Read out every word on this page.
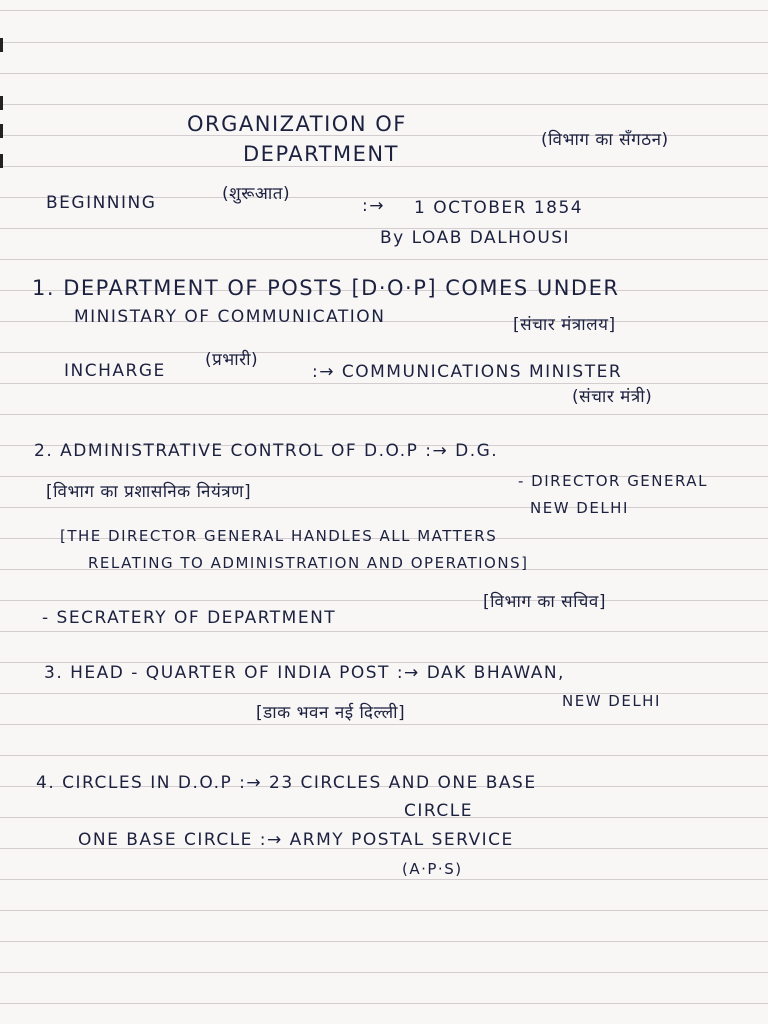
ORGANIZATION OF
DEPARTMENT
(विभाग का सँगठन)
BEGINNING	(शुरूआत)
:→ 1 OCTOBER 1854
By LOAB DALHOUSI
1. DEPARTMENT OF POSTS [D·O·P] COMES UNDER
MINISTARY OF COMMUNICATION	[संचार मंत्रालय]
INCHARGE
(प्रभारी)
:→ COMMUNICATIONS MINISTER
(संचार मंत्री)
2. ADMINISTRATIVE CONTROL OF D.O.P :→ D.G.
[विभाग का प्रशासनिक नियंत्रण]
- DIRECTOR GENERAL
NEW DELHI
[THE DIRECTOR GENERAL HANDLES ALL MATTERS
RELATING TO ADMINISTRATION AND OPERATIONS]
- SECRATERY OF DEPARTMENT
[विभाग का सचिव]
3. HEAD - QUARTER OF INDIA POST :→ DAK BHAWAN,
[डाक भवन नई दिल्ली]
NEW DELHI
4. CIRCLES IN D.O.P :→ 23 CIRCLES AND ONE BASE
CIRCLE
ONE BASE CIRCLE :→ ARMY POSTAL SERVICE
(A·P·S)
